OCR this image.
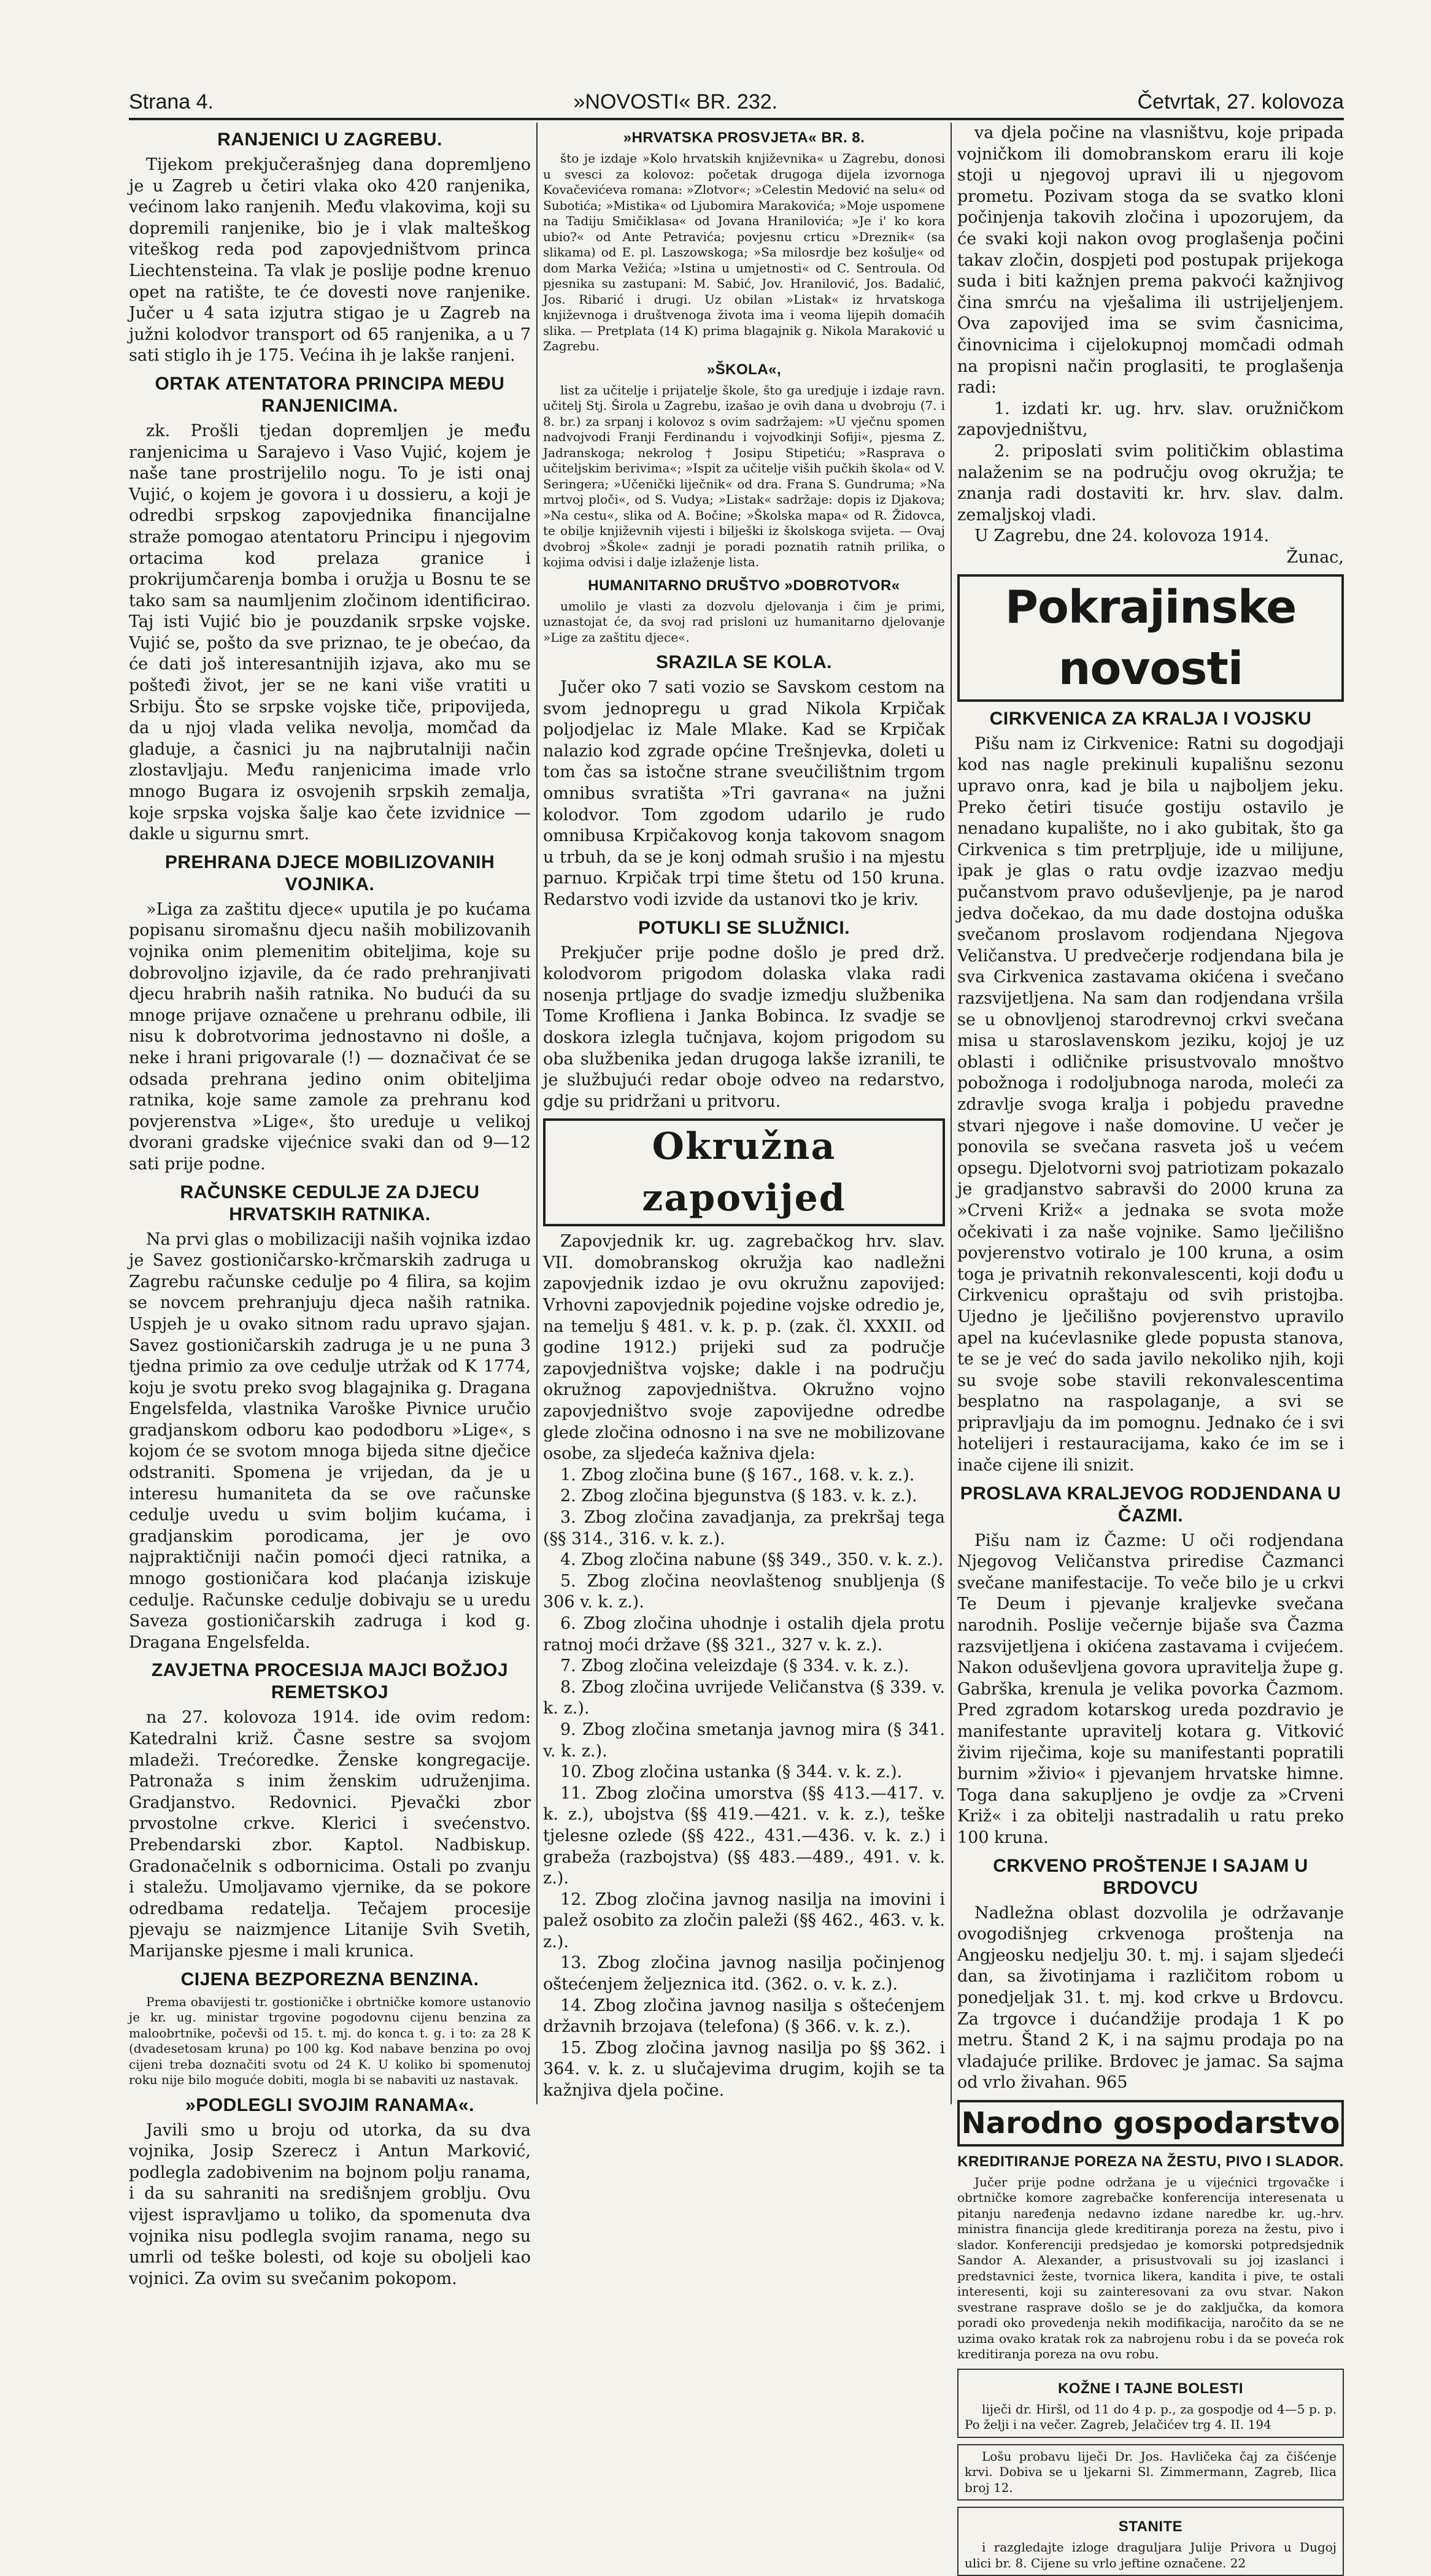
Strana 4.	»NOVOSTI« BR. 232.	Četvrtak, 27. kolovoza
RANJENICI U ZAGREBU.

Tijekom prekjučerašnjeg dana dopremljeno je u Zagreb u četiri vlaka oko 420 ranjenika, većinom lako ranjenih. Među vlakovima, koji su dopremili ranjenike, bio je i vlak malteškog viteškog reda pod zapovjedništvom princa Liechtensteina. Ta vlak je poslije podne krenuo opet na ratište, te će dovesti nove ranjenike. Jučer u 4 sata izjutra stigao je u Zagreb na južni kolodvor transport od 65 ranjenika, a u 7 sati stiglo ih je 175. Većina ih je lakše ranjeni.

ORTAK ATENTATORA PRINCIPA MEĐU RANJENICIMA.

zk. Prošli tjedan dopremljen je među ranjenicima u Sarajevo i Vaso Vujić, kojem je naše tane prostrijelilo nogu. To je isti onaj Vujić, o kojem je govora i u dossieru, a koji je odredbi srpskog zapovjednika financijalne straže pomogao atentatoru Principu i njegovim ortacima kod prelaza granice i prokrijumčarenja bomba i oružja u Bosnu te se tako sam sa naumljenim zločinom identificirao. Taj isti Vujić bio je pouzdanik srpske vojske. Vujić se, pošto da sve priznao, te je obećao, da će dati još interesantnijih izjava, ako mu se pošteđi život, jer se ne kani više vratiti u Srbiju. Što se srpske vojske tiče, pripovijeda, da u njoj vlada velika nevolja, momčad da gladuje, a časnici ju na najbrutalniji način zlostavljaju. Među ranjenicima imade vrlo mnogo Bugara iz osvojenih srpskih zemalja, koje srpska vojska šalje kao čete izvidnice — dakle u sigurnu smrt.

PREHRANA DJECE MOBILIZOVANIH VOJNIKA.

»Liga za zaštitu djece« uputila je po kućama popisanu siromašnu djecu naših mobilizovanih vojnika onim plemenitim obiteljima, koje su dobrovoljno izjavile, da će rado prehranjivati djecu hrabrih naših ratnika. No budući da su mnoge prijave označene u prehranu odbile, ili nisu k dobrotvorima jednostavno ni došle, a neke i hrani prigovarale (!) — doznačivat će se odsada prehrana jedino onim obiteljima ratnika, koje same zamole za prehranu kod povjerenstva »Lige«, što ureduje u velikoj dvorani gradske vijećnice svaki dan od 9—12 sati prije podne.

RAČUNSKE CEDULJE ZA DJECU HRVATSKIH RATNIKA.

Na prvi glas o mobilizaciji naših vojnika izdao je Savez gostioničarsko-krčmarskih zadruga u Zagrebu računske cedulje po 4 filira, sa kojim se novcem prehranjuju djeca naših ratnika. Uspjeh je u ovako sitnom radu upravo sjajan. Savez gostioničarskih zadruga je u ne puna 3 tjedna primio za ove cedulje utržak od K 1774, koju je svotu preko svog blagajnika g. Dragana Engelsfelda, vlastnika Varoške Pivnice uručio gradjanskom odboru kao pododboru »Lige«, s kojom će se svotom mnoga bijeda sitne dječice odstraniti. Spomena je vrijedan, da je u interesu humaniteta da se ove računske cedulje uvedu u svim boljim kućama, i gradjanskim porodicama, jer je ovo najpraktičniji način pomoći djeci ratnika, a mnogo gostioničara kod plaćanja iziskuje cedulje. Računske cedulje dobivaju se u uredu Saveza gostioničarskih zadruga i kod g. Dragana Engelsfelda.

ZAVJETNA PROCESIJA MAJCI BOŽJOJ REMETSKOJ

na 27. kolovoza 1914. ide ovim redom: Katedralni križ. Časne sestre sa svojom mladeži. Trećoredke. Ženske kongregacije. Patronaža s inim ženskim udruženjima. Gradjanstvo. Redovnici. Pjevački zbor prvostolne crkve. Klerici i svećenstvo. Prebendarski zbor. Kaptol. Nadbiskup. Gradonačelnik s odbornicima. Ostali po zvanju i staležu. Umoljavamo vjernike, da se pokore odredbama redatelja. Tečajem procesije pjevaju se naizmjence Litanije Svih Svetih, Marijanske pjesme i mali krunica.

CIJENA BEZPOREZNA BENZINA.

Prema obavijesti tr. gostioničke i obrtničke komore ustanovio je kr. ug. ministar trgovine pogodovnu cijenu benzina za maloobrtnike, počevši od 15. t. mj. do konca t. g. i to: za 28 K (dvadesetosam kruna) po 100 kg. Kod nabave benzina po ovoj cijeni treba doznačiti svotu od 24 K. U koliko bi spomenutoj roku nije bilo moguće dobiti, mogla bi se nabaviti uz nastavak.

»PODLEGLI SVOJIM RANAMA«.

Javili smo u broju od utorka, da su dva vojnika, Josip Szerecz i Antun Marković, podlegla zadobivenim na bojnom polju ranama, i da su sahraniti na središnjem groblju. Ovu vijest ispravljamo u toliko, da spomenuta dva vojnika nisu podlegla svojim ranama, nego su umrli od teške bolesti, od koje su oboljeli kao vojnici. Za ovim su svečanim pokopom.

»HRVATSKA PROSVJETA« BR. 8.

što je izdaje »Kolo hrvatskih književnika« u Zagrebu, donosi u svesci za kolovoz: početak drugoga dijela izvornoga Kovačevićeva romana: »Zlotvor«; »Celestin Medović na selu« od Subotića; »Mistika« od Ljubomira Marakovića; »Moje uspomene na Tadiju Smičiklasa« od Jovana Hranilovića; »Je i' ko kora ubio?« od Ante Petravića; povjesnu crticu »Dreznik« (sa slikama) od E. pl. Laszowskoga; »Sa milosrdje bez košulje« od dom Marka Vežića; »Istina u umjetnosti« od C. Sentroula. Od pjesnika su zastupani: M. Sabić, Jov. Hranilović, Jos. Badalić, Jos. Ribarić i drugi. Uz obilan »Listak« iz hrvatskoga književnoga i društvenoga života ima i veoma lijepih domaćih slika. — Pretplata (14 K) prima blagajnik g. Nikola Maraković u Zagrebu.

»ŠKOLA«,

list za učitelje i prijatelje škole, što ga uredjuje i izdaje ravn. učitelj Stj. Širola u Zagrebu, izašao je ovih dana u dvobroju (7. i 8. br.) za srpanj i kolovoz s ovim sadržajem: »U vječnu spomen nadvojvodi Franji Ferdinandu i vojvodkinji Sofiji«, pjesma Z. Jadranskoga; nekrolog † Josipu Stipetiću; »Rasprava o učiteljskim berivima«; »Ispit za učitelje viših pučkih škola« od V. Seringera; »Učenički liječnik« od dra. Frana S. Gundruma; »Na mrtvoj ploči«, od S. Vudya; »Listak« sadržaje: dopis iz Djakova; »Na cestu«, slika od A. Bočine; »Školska mapa« od R. Židovca, te obilje književnih vijesti i bilješki iz školskoga svijeta. — Ovaj dvobroj »Škole« zadnji je poradi poznatih ratnih prilika, o kojima odvisi i dalje izlaženje lista.

HUMANITARNO DRUŠTVO »DOBROTVOR«

umolilo je vlasti za dozvolu djelovanja i čim je primi, uznastojat će, da svoj rad prisloni uz humanitarno djelovanje »Lige za zaštitu djece«.

SRAZILA SE KOLA.

Jučer oko 7 sati vozio se Savskom cestom na svom jednopregu u grad Nikola Krpičak poljodjelac iz Male Mlake. Kad se Krpičak nalazio kod zgrade općine Trešnjevka, doleti u tom čas sa istočne strane sveučilištnim trgom omnibus svratišta »Tri gavrana« na južni kolodvor. Tom zgodom udarilo je rudo omnibusa Krpičakovog konja takovom snagom u trbuh, da se je konj odmah srušio i na mjestu parnuo. Krpičak trpi time štetu od 150 kruna. Redarstvo vodi izvide da ustanovi tko je kriv.

POTUKLI SE SLUŽNICI.

Prekjučer prije podne došlo je pred drž. kolodvorom prigodom dolaska vlaka radi nosenja prtljage do svadje izmedju službenika Tome Krofliena i Janka Bobinca. Iz svadje se doskora izlegla tučnjava, kojom prigodom su oba službenika jedan drugoga lakše izranili, te je službujući redar oboje odveo na redarstvo, gdje su pridržani u pritvoru.

Okružna zapovijed

Zapovjednik kr. ug. zagrebačkog hrv. slav. VII. domobranskog okružja kao nadležni zapovjednik izdao je ovu okružnu zapovijed: Vrhovni zapovjednik pojedine vojske odredio je, na temelju § 481. v. k. p. p. (zak. čl. XXXII. od godine 1912.) prijeki sud za područje zapovjedništva vojske; dakle i na području okružnog zapovjedništva. Okružno vojno zapovjedništvo svoje zapovijedne odredbe glede zločina odnosno i na sve ne mobilizovane osobe, za sljedeća kažniva djela:

1. Zbog zločina bune (§ 167., 168. v. k. z.).

2. Zbog zločina bjegunstva (§ 183. v. k. z.).

3. Zbog zločina zavadjanja, za prekršaj tega (§§ 314., 316. v. k. z.).

4. Zbog zločina nabune (§§ 349., 350. v. k. z.).

5. Zbog zločina neovlaštenog snubljenja (§ 306 v. k. z.).

6. Zbog zločina uhodnje i ostalih djela protu ratnoj moći države (§§ 321., 327 v. k. z.).

7. Zbog zločina veleizdaje (§ 334. v. k. z.).

8. Zbog zločina uvrijede Veličanstva (§ 339. v. k. z.).

9. Zbog zločina smetanja javnog mira (§ 341. v. k. z.).

10. Zbog zločina ustanka (§ 344. v. k. z.).

11. Zbog zločina umorstva (§§ 413.—417. v. k. z.), ubojstva (§§ 419.—421. v. k. z.), teške tjelesne ozlede (§§ 422., 431.—436. v. k. z.) i grabeža (razbojstva) (§§ 483.—489., 491. v. k. z.).

12. Zbog zločina javnog nasilja na imovini i palež osobito za zločin paleži (§§ 462., 463. v. k. z.).

13. Zbog zločina javnog nasilja počinjenog oštećenjem željeznica itd. (362. o. v. k. z.).

14. Zbog zločina javnog nasilja s oštećenjem državnih brzojava (telefona) (§ 366. v. k. z.).

15. Zbog zločina javnog nasilja po §§ 362. i 364. v. k. z. u slučajevima drugim, kojih se ta kažnjiva djela počine.

va djela počine na vlasništvu, koje pripada vojničkom ili domobranskom eraru ili koje stoji u njegovoj upravi ili u njegovom prometu. Pozivam stoga da se svatko kloni počinjenja takovih zločina i upozorujem, da će svaki koji nakon ovog proglašenja počini takav zločin, dospjeti pod postupak prijekoga suda i biti kažnjen prema pakvoći kažnjivog čina smrću na vješalima ili ustrijeljenjem. Ova zapovijed ima se svim časnicima, činovnicima i cijelokupnoj momčadi odmah na propisni način proglasiti, te proglašenja radi:

1. izdati kr. ug. hrv. slav. oružničkom zapovjedništvu,

2. priposlati svim političkim oblastima nalaženim se na području ovog okružja; te znanja radi dostaviti kr. hrv. slav. dalm. zemaljskoj vladi.

U Zagrebu, dne 24. kolovoza 1914.

Žunac,

Pokrajinske novosti
CIRKVENICA ZA KRALJA I VOJSKU

Pišu nam iz Cirkvenice: Ratni su dogodjaji kod nas nagle prekinuli kupališnu sezonu upravo onra, kad je bila u najboljem jeku. Preko četiri tisuće gostiju ostavilo je nenadano kupalište, no i ako gubitak, što ga Cirkvenica s tim pretrpljuje, ide u milijune, ipak je glas o ratu ovdje izazvao medju pučanstvom pravo oduševljenje, pa je narod jedva dočekao, da mu dade dostojna oduška svečanom proslavom rodjendana Njegova Veličanstva. U predvečerje rodjendana bila je sva Cirkvenica zastavama okićena i svečano razsvijetljena. Na sam dan rodjendana vršila se u obnovljenoj starodrevnoj crkvi svečana misa u staroslavenskom jeziku, kojoj je uz oblasti i odličnike prisustvovalo mnoštvo pobožnoga i rodoljubnoga naroda, moleći za zdravlje svoga kralja i pobjedu pravedne stvari njegove i naše domovine. U večer je ponovila se svečana rasveta još u većem opsegu. Djelotvorni svoj patriotizam pokazalo je gradjanstvo sabravši do 2000 kruna za »Crveni Križ« a jednaka se svota može očekivati i za naše vojnike. Samo lječilišno povjerenstvo votiralo je 100 kruna, a osim toga je privatnih rekonvalescenti, koji dođu u Cirkvenicu opraštaju od svih pristojba. Ujedno je lječilišno povjerenstvo upravilo apel na kućevlasnike glede popusta stanova, te se je već do sada javilo nekoliko njih, koji su svoje sobe stavili rekonvalescentima besplatno na raspolaganje, a svi se pripravljaju da im pomognu. Jednako će i svi hotelijeri i restauracijama, kako će im se i inače cijene ili snizit.

PROSLAVA KRALJEVOG RODJENDANA U ČAZMI.

Pišu nam iz Čazme: U oči rodjendana Njegovog Veličanstva priredise Čazmanci svečane manifestacije. To veče bilo je u crkvi Te Deum i pjevanje kraljevke svečana narodnih. Poslije večernje bijaše sva Čazma razsvijetljena i okićena zastavama i cvijećem. Nakon oduševljena govora upravitelja župe g. Gabrška, krenula je velika povorka Čazmom. Pred zgradom kotarskog ureda pozdravio je manifestante upravitelj kotara g. Vitković živim riječima, koje su manifestanti popratili burnim »živio« i pjevanjem hrvatske himne. Toga dana sakupljeno je ovdje za »Crveni Križ« i za obitelji nastradalih u ratu preko 100 kruna.

CRKVENO PROŠTENJE I SAJAM U BRDOVCU

Nadležna oblast dozvolila je održavanje ovogodišnjeg crkvenoga proštenja na Angjeosku nedjelju 30. t. mj. i sajam sljedeći dan, sa životinjama i različitom robom u ponedjeljak 31. t. mj. kod crkve u Brdovcu. Za trgovce i dućandžije prodaja 1 K po metru. Štand 2 K, i na sajmu prodaja po na vladajuće prilike. Brdovec je jamac. Sa sajma od vrlo živahan. 965

Narodno gospodarstvo
KREDITIRANJE POREZA NA ŽESTU, PIVO I SLADOR.

Jučer prije podne održana je u vijećnici trgovačke i obrtničke komore zagrebačke konferencija interesenata u pitanju naređenja nedavno izdane naredbe kr. ug.-hrv. ministra financija glede kreditiranja poreza na žestu, pivo i slador. Konferenciji predsjedao je komorski potpredsjednik Sandor A. Alexander, a prisustvovali su joj izaslanci i predstavnici žeste, tvornica likera, kandita i pive, te ostali interesenti, koji su zainteresovani za ovu stvar. Nakon svestrane rasprave došlo se je do zaključka, da komora poradi oko provedenja nekih modifikacija, naročito da se ne uzima ovako kratak rok za nabrojenu robu i da se poveća rok kreditiranja poreza na ovu robu.

KOŽNE I TAJNE BOLESTI

liječi dr. Hiršl, od 11 do 4 p. p., za gospodje od 4—5 p. p. Po želji i na večer. Zagreb, Jelačićev trg 4. II. 194

Lošu probavu liječi Dr. Jos. Havličeka čaj za čišćenje krvi. Dobiva se u ljekarni Sl. Zimmermann, Zagreb, Ilica broj 12.

STANITE

i razgledajte izloge dragulj​ara Julije Privora u Dugoj ulici br. 8. Cijene su vrlo jeftine označene. 22
